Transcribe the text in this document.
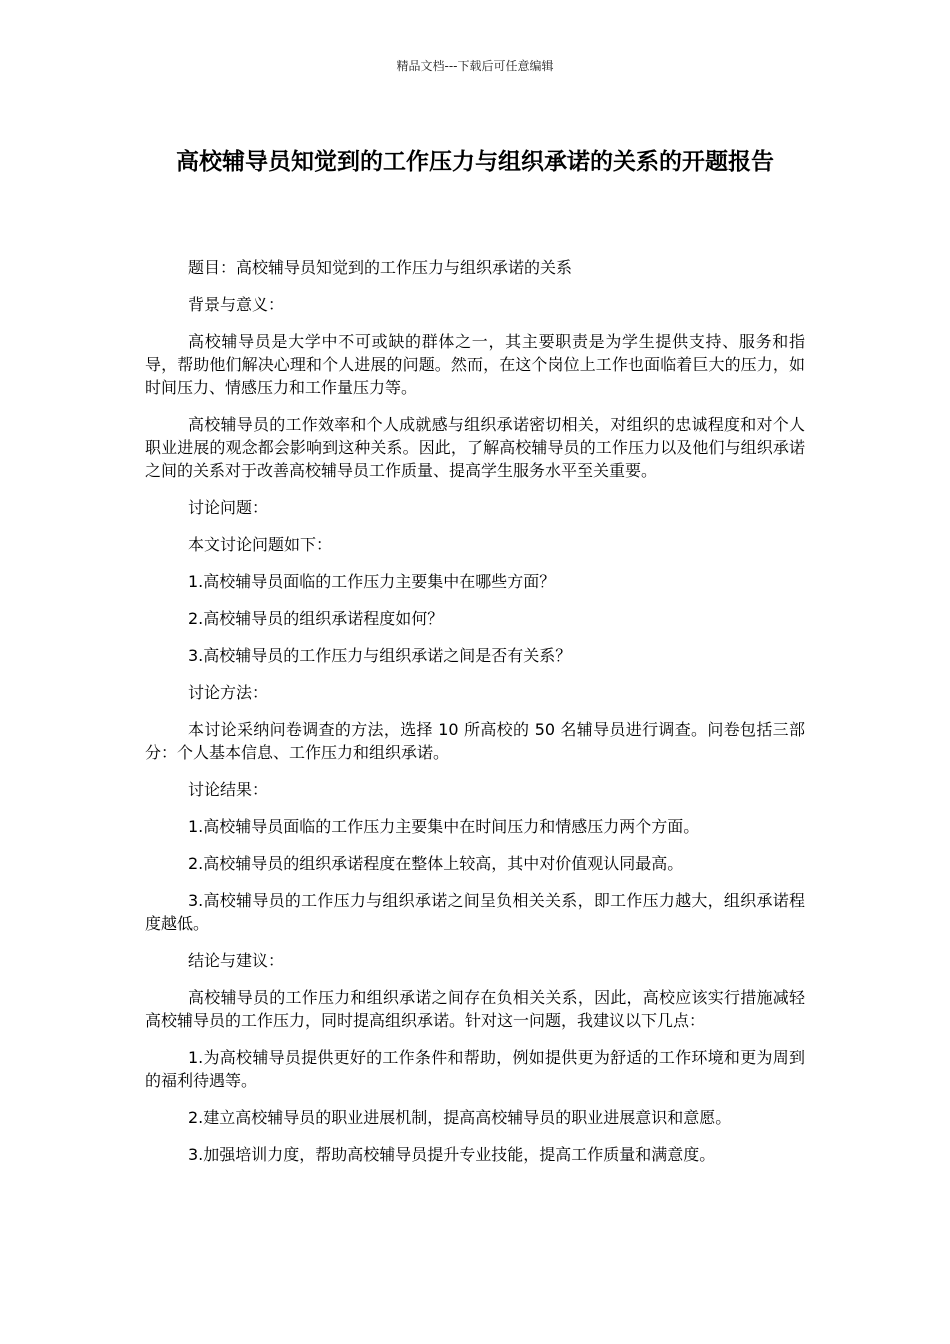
精品文档---下载后可任意编辑
高校辅导员知觉到的工作压力与组织承诺的关系的开题报告

题目：高校辅导员知觉到的工作压力与组织承诺的关系

背景与意义：

高校辅导员是大学中不可或缺的群体之一，其主要职责是为学生提供支持、服务和指导，帮助他们解决心理和个人进展的问题。然而，在这个岗位上工作也面临着巨大的压力，如时间压力、情感压力和工作量压力等。

高校辅导员的工作效率和个人成就感与组织承诺密切相关，对组织的忠诚程度和对个人职业进展的观念都会影响到这种关系。因此，了解高校辅导员的工作压力以及他们与组织承诺之间的关系对于改善高校辅导员工作质量、提高学生服务水平至关重要。

讨论问题：

本文讨论问题如下：

1.高校辅导员面临的工作压力主要集中在哪些方面？

2.高校辅导员的组织承诺程度如何？

3.高校辅导员的工作压力与组织承诺之间是否有关系？

讨论方法：

本讨论采纳问卷调查的方法，选择 10 所高校的 50 名辅导员进行调查。问卷包括三部分：个人基本信息、工作压力和组织承诺。

讨论结果：

1.高校辅导员面临的工作压力主要集中在时间压力和情感压力两个方面。

2.高校辅导员的组织承诺程度在整体上较高，其中对价值观认同最高。

3.高校辅导员的工作压力与组织承诺之间呈负相关关系，即工作压力越大，组织承诺程度越低。

结论与建议：

高校辅导员的工作压力和组织承诺之间存在负相关关系，因此，高校应该实行措施减轻高校辅导员的工作压力，同时提高组织承诺。针对这一问题，我建议以下几点：

1.为高校辅导员提供更好的工作条件和帮助，例如提供更为舒适的工作环境和更为周到的福利待遇等。

2.建立高校辅导员的职业进展机制，提高高校辅导员的职业进展意识和意愿。

3.加强培训力度，帮助高校辅导员提升专业技能，提高工作质量和满意度。
